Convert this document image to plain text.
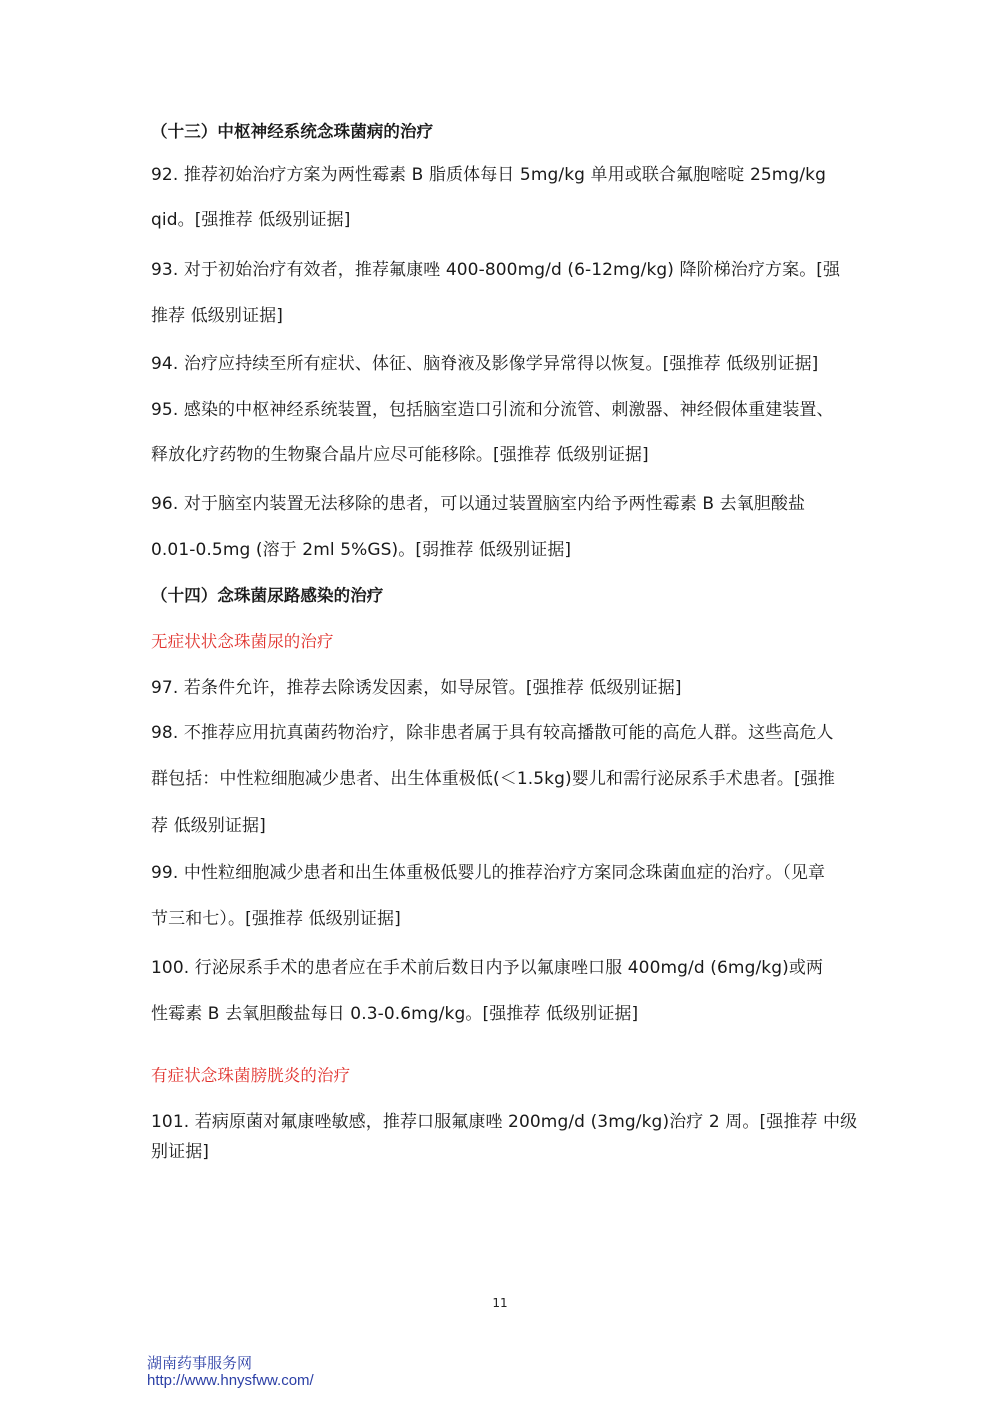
（十三）中枢神经系统念珠菌病的治疗
92. 推荐初始治疗方案为两性霉素 B 脂质体每日 5mg/kg 单用或联合氟胞嘧啶 25mg/kg
qid。[强推荐 低级别证据]
93. 对于初始治疗有效者，推荐氟康唑 400-800mg/d (6-12mg/kg) 降阶梯治疗方案。[强
推荐 低级别证据]
94. 治疗应持续至所有症状、体征、脑脊液及影像学异常得以恢复。[强推荐 低级别证据]
95. 感染的中枢神经系统装置，包括脑室造口引流和分流管、刺激器、神经假体重建装置、
释放化疗药物的生物聚合晶片应尽可能移除。[强推荐 低级别证据]
96. 对于脑室内装置无法移除的患者，可以通过装置脑室内给予两性霉素 B 去氧胆酸盐
0.01-0.5mg (溶于 2ml 5%GS)。[弱推荐 低级别证据]
（十四）念珠菌尿路感染的治疗
无症状状念珠菌尿的治疗
97. 若条件允许，推荐去除诱发因素，如导尿管。[强推荐 低级别证据]
98. 不推荐应用抗真菌药物治疗，除非患者属于具有较高播散可能的高危人群。这些高危人
群包括：中性粒细胞减少患者、出生体重极低(＜1.5kg)婴儿和需行泌尿系手术患者。[强推
荐 低级别证据]
99. 中性粒细胞减少患者和出生体重极低婴儿的推荐治疗方案同念珠菌血症的治疗。（见章
节三和七）。[强推荐 低级别证据]
100. 行泌尿系手术的患者应在手术前后数日内予以氟康唑口服 400mg/d (6mg/kg)或两
性霉素 B 去氧胆酸盐每日 0.3-0.6mg/kg。[强推荐 低级别证据]
有症状念珠菌膀胱炎的治疗
101. 若病原菌对氟康唑敏感，推荐口服氟康唑 200mg/d (3mg/kg)治疗 2 周。[强推荐 中级
别证据]
11
湖南药事服务网
http://www.hnysfww.com/
